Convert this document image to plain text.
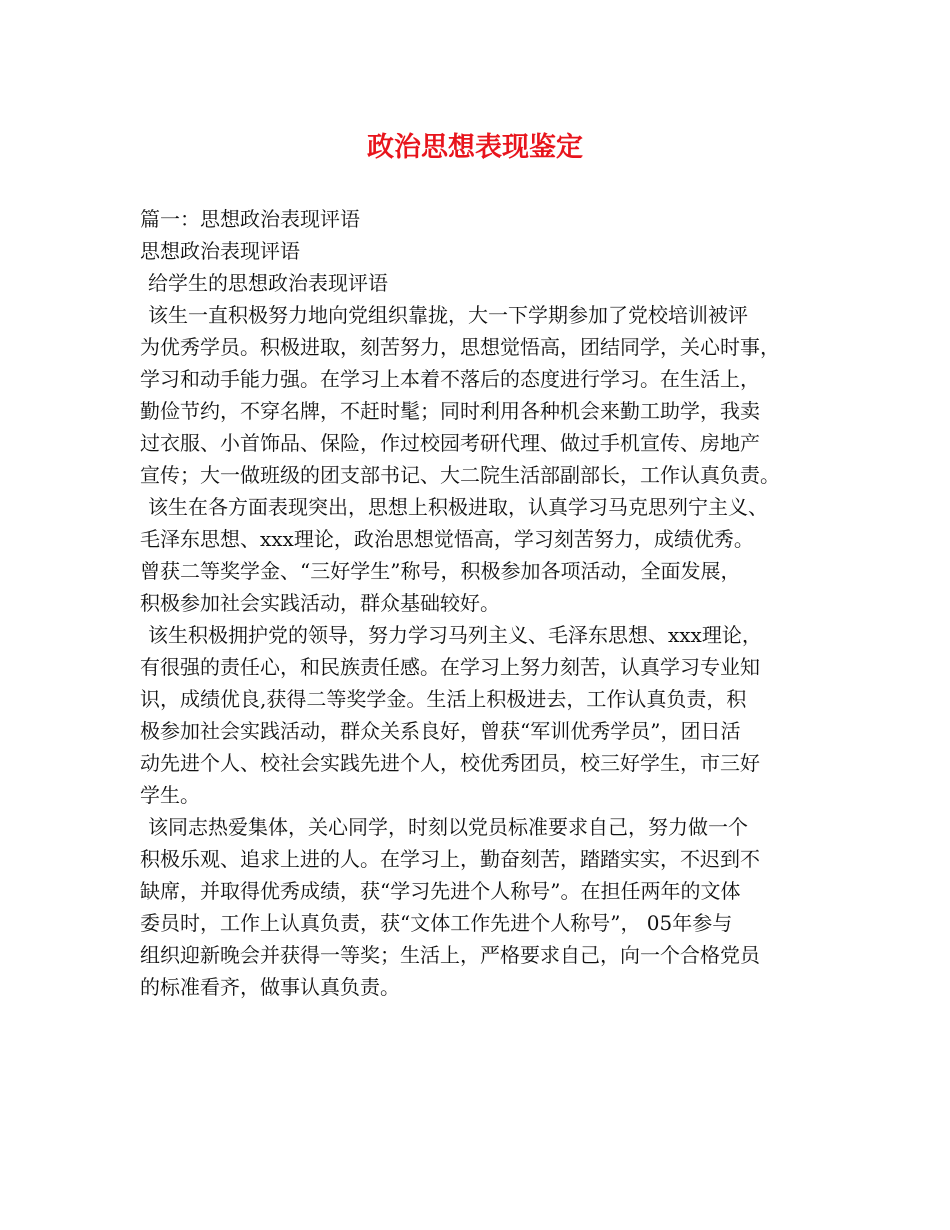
政治思想表现鉴定
篇一：思想政治表现评语
思想政治表现评语
给学生的思想政治表现评语
该生一直积极努力地向党组织靠拢，大一下学期参加了党校培训被评
为优秀学员。积极进取，刻苦努力，思想觉悟高，团结同学，关心时事，
学习和动手能力强。在学习上本着不落后的态度进行学习。在生活上，
勤俭节约，不穿名牌，不赶时髦；同时利用各种机会来勤工助学，我卖
过衣服、小首饰品、保险，作过校园考研代理、做过手机宣传、房地产
宣传；大一做班级的团支部书记、大二院生活部副部长，工作认真负责。
该生在各方面表现突出，思想上积极进取，认真学习马克思列宁主义、
毛泽东思想、xxx理论，政治思想觉悟高，学习刻苦努力，成绩优秀。
曾获二等奖学金、“三好学生”称号，积极参加各项活动，全面发展，
积极参加社会实践活动，群众基础较好。
该生积极拥护党的领导，努力学习马列主义、毛泽东思想、xxx理论，
有很强的责任心，和民族责任感。在学习上努力刻苦，认真学习专业知
识，成绩优良,获得二等奖学金。生活上积极进去，工作认真负责，积
极参加社会实践活动，群众关系良好，曾获“军训优秀学员”，团日活
动先进个人、校社会实践先进个人，校优秀团员，校三好学生，市三好
学生。
该同志热爱集体，关心同学，时刻以党员标准要求自己，努力做一个
积极乐观、追求上进的人。在学习上，勤奋刻苦，踏踏实实，不迟到不
缺席，并取得优秀成绩，获“学习先进个人称号”。在担任两年的文体
委员时，工作上认真负责，获“文体工作先进个人称号”， 05年参与
组织迎新晚会并获得一等奖；生活上，严格要求自己，向一个合格党员
的标准看齐，做事认真负责。
